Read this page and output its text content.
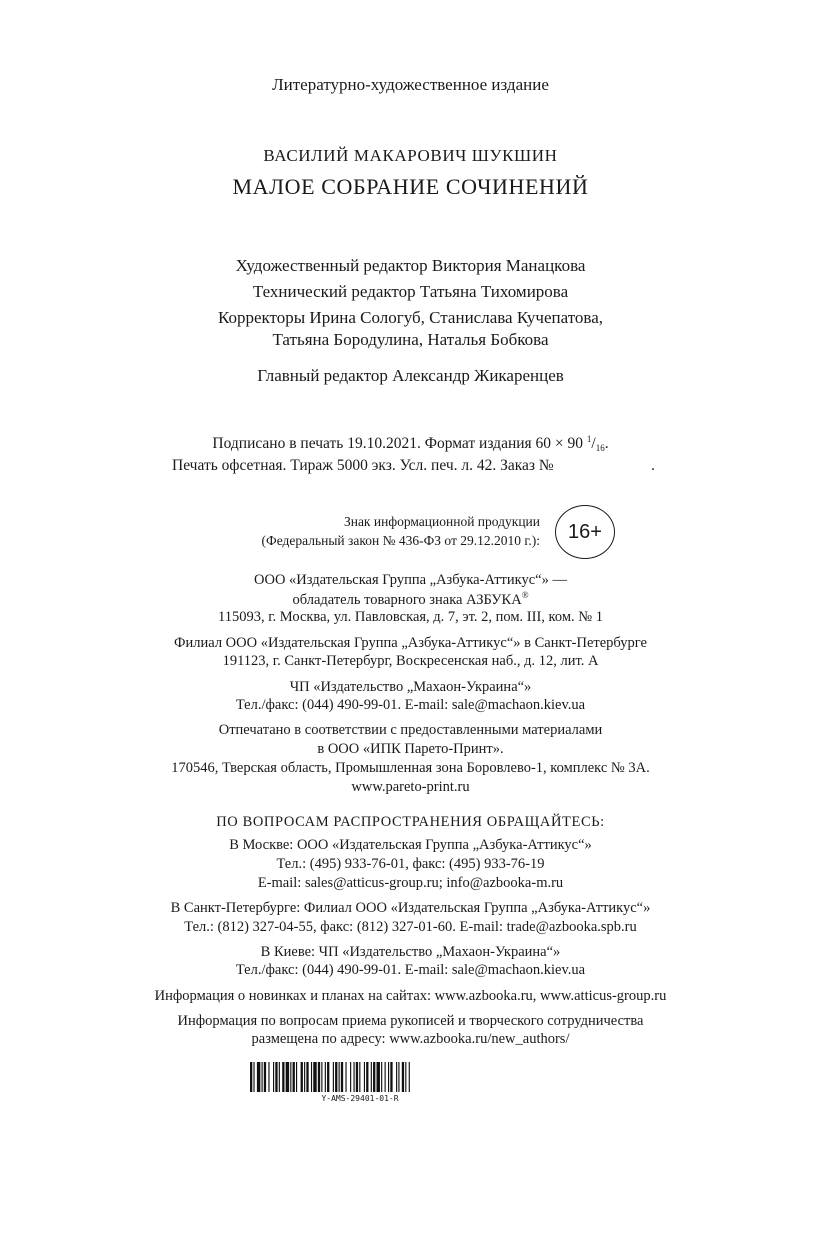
Литературно-художественное издание
ВАСИЛИЙ МАКАРОВИЧ ШУКШИН
МАЛОЕ СОБРАНИЕ СОЧИНЕНИЙ
Художественный редактор Виктория Манацкова
Технический редактор Татьяна Тихомирова
Корректоры Ирина Сологуб, Станислава Кучепатова,
Татьяна Бородулина, Наталья Бобкова
Главный редактор Александр Жикаренцев
Подписано в печать 19.10.2021. Формат издания 60 × 90 $^1/_{16}$.
Печать офсетная. Тираж 5000 экз. Усл. печ. л. 42. Заказ №	.
Знак информационной продукции
(Федеральный закон № 436-ФЗ от 29.12.2010 г.):	16+
ООО «Издательская Группа „Азбука-Аттикус“» —
обладатель товарного знака АЗБУКА®
115093, г. Москва, ул. Павловская, д. 7, эт. 2, пом. III, ком. № 1
Филиал ООО «Издательская Группа „Азбука-Аттикус“» в Санкт-Петербурге
191123, г. Санкт-Петербург, Воскресенская наб., д. 12, лит. А
ЧП «Издательство „Махаон-Украина“»
Тел./факс: (044) 490-99-01. E-mail: sale@machaon.kiev.ua
Отпечатано в соответствии с предоставленными материалами
в ООО «ИПК Парето-Принт».
170546, Тверская область, Промышленная зона Боровлево-1, комплекс № 3А.
www.pareto-print.ru
ПО ВОПРОСАМ РАСПРОСТРАНЕНИЯ ОБРАЩАЙТЕСЬ:
В Москве: ООО «Издательская Группа „Азбука-Аттикус“»
Тел.: (495) 933-76-01, факс: (495) 933-76-19
E-mail: sales@atticus-group.ru; info@azbooka-m.ru
В Санкт-Петербурге: Филиал ООО «Издательская Группа „Азбука-Аттикус“»
Тел.: (812) 327-04-55, факс: (812) 327-01-60. E-mail: trade@azbooka.spb.ru
В Киеве: ЧП «Издательство „Махаон-Украина“»
Тел./факс: (044) 490-99-01. E-mail: sale@machaon.kiev.ua
Информация о новинках и планах на сайтах: www.azbooka.ru, www.atticus-group.ru
Информация по вопросам приема рукописей и творческого сотрудничества
размещена по адресу: www.azbooka.ru/new_authors/
Y-AMS-29401-01-R
